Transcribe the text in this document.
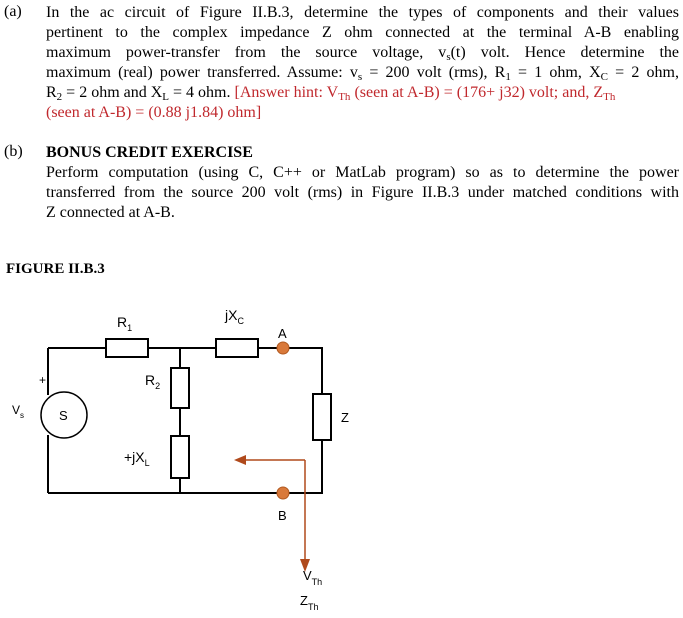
(a) In the ac circuit of Figure II.B.3, determine the types of components and their values
pertinent to the complex impedance Z ohm connected at the terminal A-B enabling
maximum power-transfer from the source voltage, $v_s(t)$ volt. Hence determine the
maximum (real) power transferred. Assume: $v_s = 200$ volt (rms), $R_1 = 1$ ohm, $X_C = 2$ ohm,
$R_2 = 2$ ohm and $X_L = 4$ ohm. [Answer hint: $V_{Th}$ (seen at A-B) = (176+ j32) volt; and, $Z_{Th}$
(seen at A-B) = (0.88 j1.84) ohm]
(b) BONUS CREDIT EXERCISE
Perform computation (using C, C++ or MatLab program) so as to determine the power
transferred from the source 200 volt (rms) in Figure II.B.3 under matched conditions with
Z connected at A-B.
FIGURE II.B.3
$R_1$
$jX_C$
$R_2$
$+jX_L$
S
+
$V_s$
A
B
Z
$V_{Th}$
$Z_{Th}$
